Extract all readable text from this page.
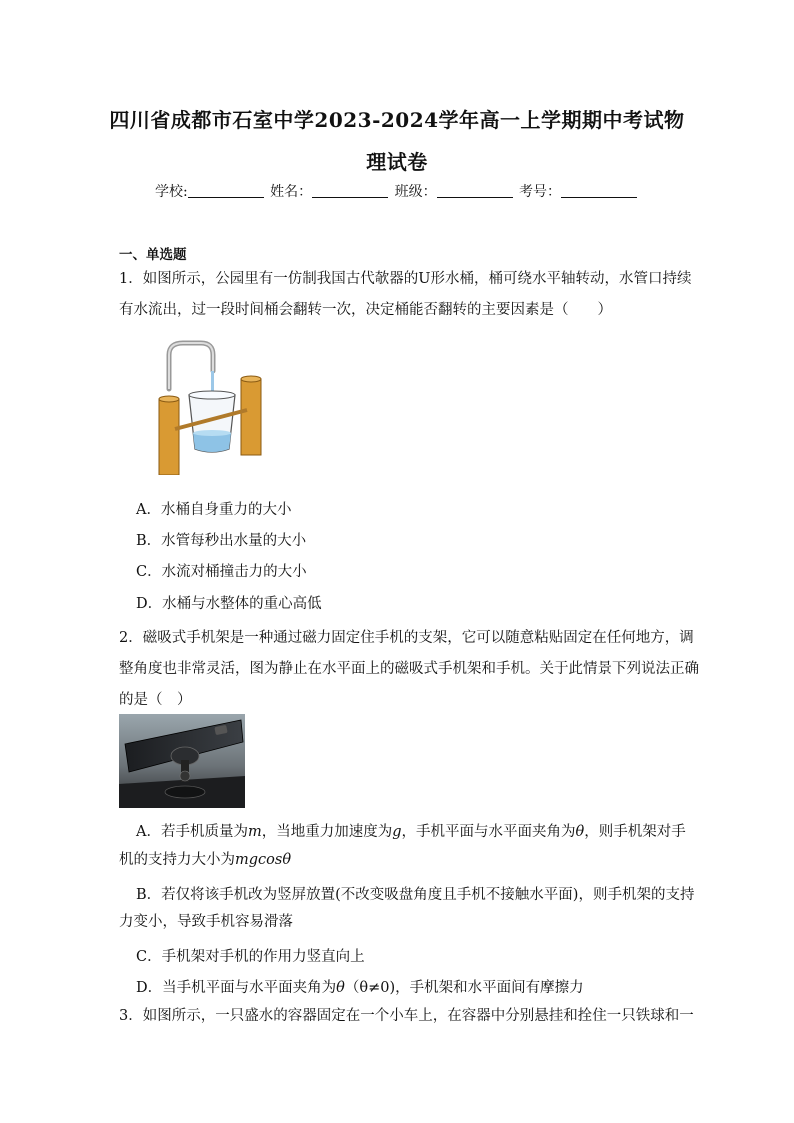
四川省成都市石室中学2023-2024学年高一上学期期中考试物
理试卷
学校:	姓名：	班级：	考号：
一、单选题
1．如图所示，公园里有一仿制我国古代欹器的U形水桶，桶可绕水平轴转动，水管口持续
有水流出，过一段时间桶会翻转一次，决定桶能否翻转的主要因素是（　　）
A．水桶自身重力的大小
B．水管每秒出水量的大小
C．水流对桶撞击力的大小
D．水桶与水整体的重心高低
2．磁吸式手机架是一种通过磁力固定住手机的支架，它可以随意粘贴固定在任何地方，调
整角度也非常灵活，图为静止在水平面上的磁吸式手机架和手机。关于此情景下列说法正确
的是（　）
A．若手机质量为m，当地重力加速度为g，手机平面与水平面夹角为θ，则手机架对手
机的支持力大小为mgcosθ
B．若仅将该手机改为竖屏放置(不改变吸盘角度且手机不接触水平面)，则手机架的支持
力变小，导致手机容易滑落
C．手机架对手机的作用力竖直向上
D．当手机平面与水平面夹角为θ（θ≠0)，手机架和水平面间有摩擦力
3．如图所示，一只盛水的容器固定在一个小车上，在容器中分别悬挂和拴住一只铁球和一
